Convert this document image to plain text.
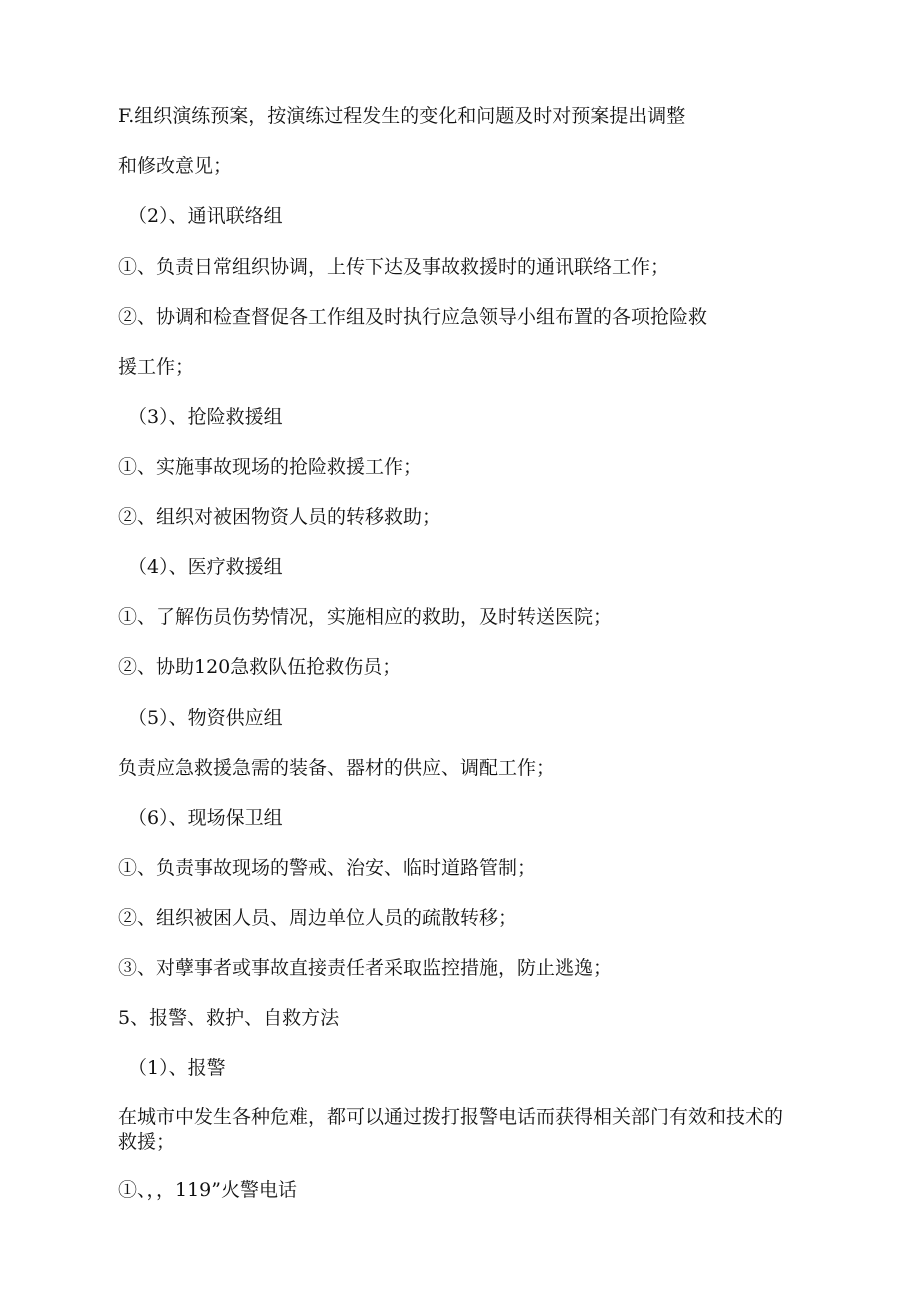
F.组织演练预案，按演练过程发生的变化和问题及时对预案提出调整
和修改意见；
（2）、通讯联络组
①、负责日常组织协调，上传下达及事故救援时的通讯联络工作；
②、协调和检查督促各工作组及时执行应急领导小组布置的各项抢险救
援工作；
（3）、抢险救援组
①、实施事故现场的抢险救援工作；
②、组织对被困物资人员的转移救助；
（4）、医疗救援组
①、了解伤员伤势情况，实施相应的救助，及时转送医院；
②、协助120急救队伍抢救伤员；
（5）、物资供应组
负责应急救援急需的装备、器材的供应、调配工作；
（6）、现场保卫组
①、负责事故现场的警戒、治安、临时道路管制；
②、组织被困人员、周边单位人员的疏散转移；
③、对孽事者或事故直接责任者采取监控措施，防止逃逸；
5、报警、救护、自救方法
（1）、报警
在城市中发生各种危难，都可以通过拨打报警电话而获得相关部门有效和技术的救援；
①、，，119”火警电话
